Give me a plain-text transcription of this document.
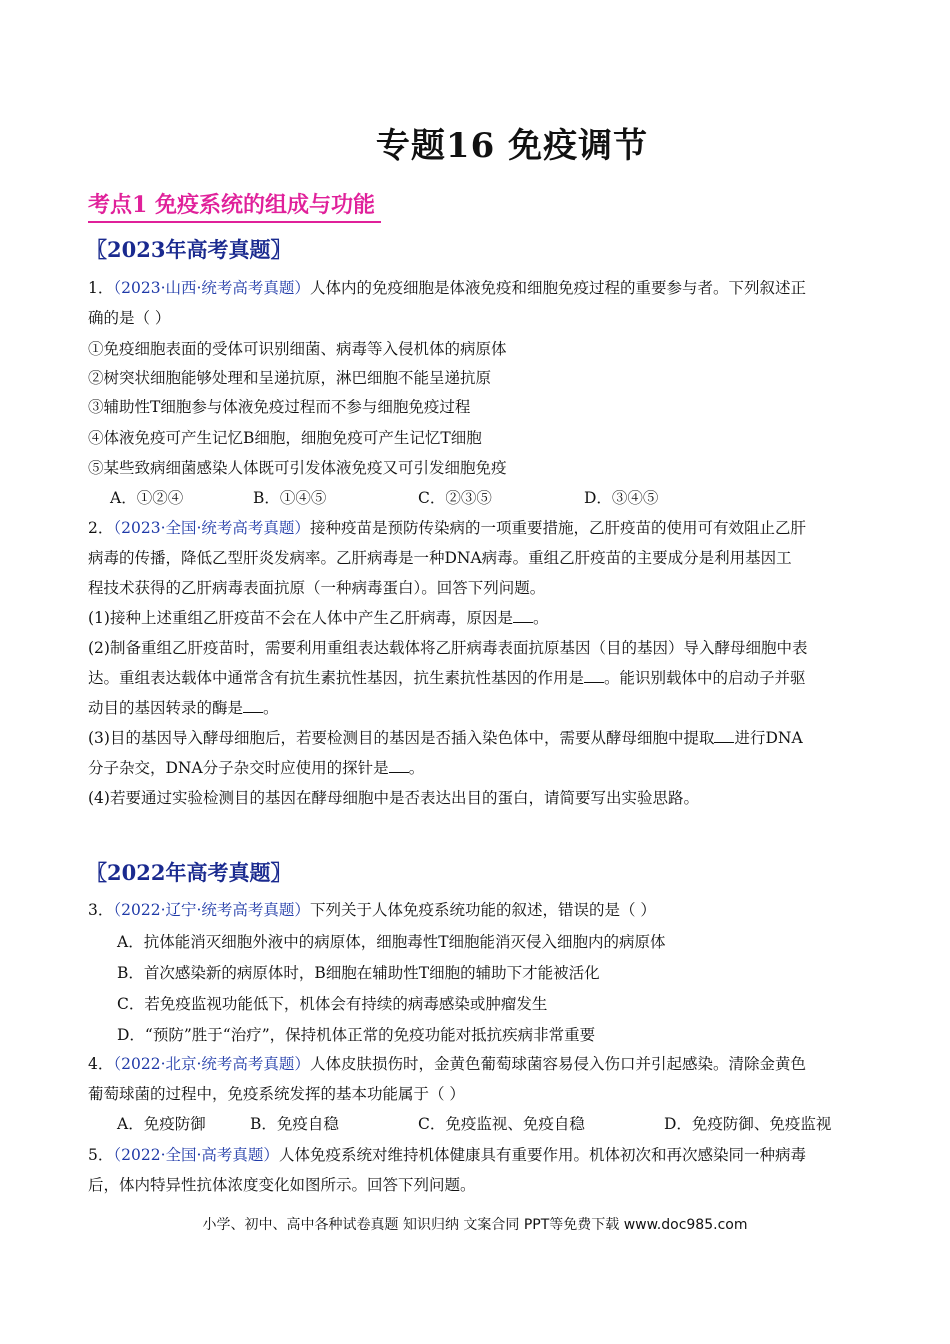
专题16 免疫调节
考点1 免疫系统的组成与功能
〖2023年高考真题〗
1．（2023·山西·统考高考真题）人体内的免疫细胞是体液免疫和细胞免疫过程的重要参与者。下列叙述正
确的是（ ）
①免疫细胞表面的受体可识别细菌、病毒等入侵机体的病原体
②树突状细胞能够处理和呈递抗原，淋巴细胞不能呈递抗原
③辅助性T细胞参与体液免疫过程而不参与细胞免疫过程
④体液免疫可产生记忆B细胞，细胞免疫可产生记忆T细胞
⑤某些致病细菌感染人体既可引发体液免疫又可引发细胞免疫
A．①②④	B．①④⑤	C．②③⑤	D．③④⑤
2．（2023·全国·统考高考真题）接种疫苗是预防传染病的一项重要措施，乙肝疫苗的使用可有效阻止乙肝
病毒的传播，降低乙型肝炎发病率。乙肝病毒是一种DNA病毒。重组乙肝疫苗的主要成分是利用基因工
程技术获得的乙肝病毒表面抗原（一种病毒蛋白）。回答下列问题。
(1)接种上述重组乙肝疫苗不会在人体中产生乙肝病毒，原因是 。
(2)制备重组乙肝疫苗时，需要利用重组表达载体将乙肝病毒表面抗原基因（目的基因）导入酵母细胞中表
达。重组表达载体中通常含有抗生素抗性基因，抗生素抗性基因的作用是 。能识别载体中的启动子并驱
动目的基因转录的酶是 。
(3)目的基因导入酵母细胞后，若要检测目的基因是否插入染色体中，需要从酵母细胞中提取 进行DNA
分子杂交，DNA分子杂交时应使用的探针是 。
(4)若要通过实验检测目的基因在酵母细胞中是否表达出目的蛋白，请简要写出实验思路。
〖2022年高考真题〗
3．（2022·辽宁·统考高考真题）下列关于人体免疫系统功能的叙述，错误的是（ ）
A．抗体能消灭细胞外液中的病原体，细胞毒性T细胞能消灭侵入细胞内的病原体
B．首次感染新的病原体时，B细胞在辅助性T细胞的辅助下才能被活化
C．若免疫监视功能低下，机体会有持续的病毒感染或肿瘤发生
D．“预防”胜于“治疗”，保持机体正常的免疫功能对抵抗疾病非常重要
4．（2022·北京·统考高考真题）人体皮肤损伤时，金黄色葡萄球菌容易侵入伤口并引起感染。清除金黄色
葡萄球菌的过程中，免疫系统发挥的基本功能属于（ ）
A．免疫防御	B．免疫自稳	C．免疫监视、免疫自稳	D．免疫防御、免疫监视
5．（2022·全国·高考真题）人体免疫系统对维持机体健康具有重要作用。机体初次和再次感染同一种病毒
后，体内特异性抗体浓度变化如图所示。回答下列问题。
小学、初中、高中各种试卷真题 知识归纳 文案合同 PPT等免费下载 www.doc985.com
